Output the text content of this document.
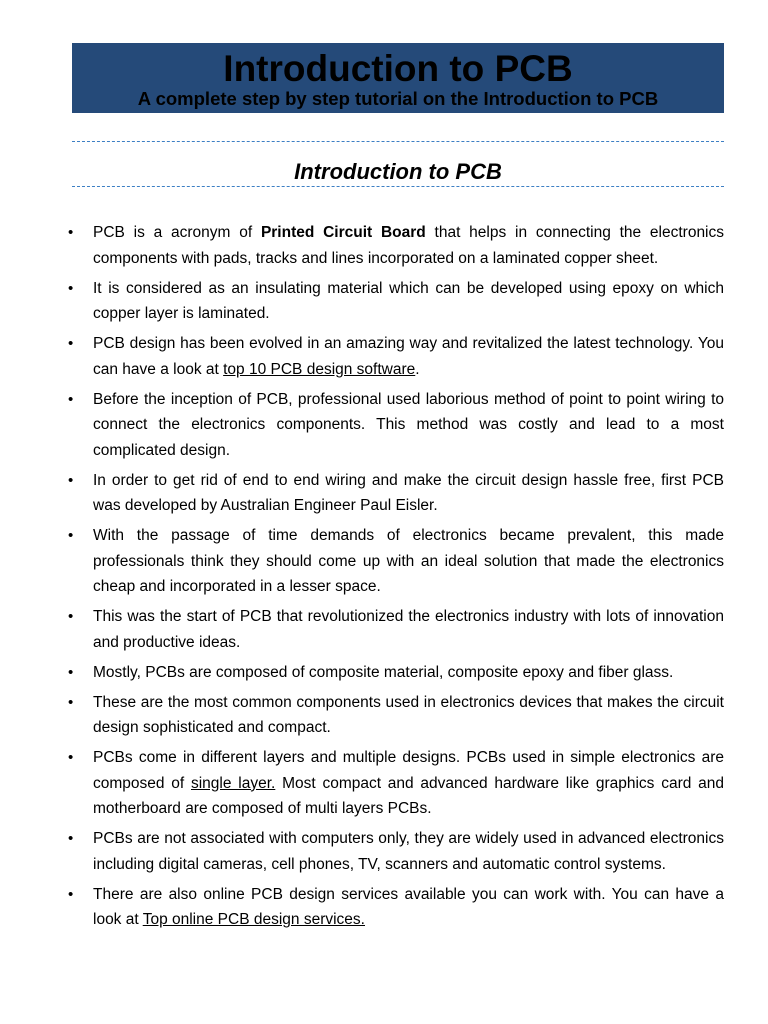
Introduction to PCB
A complete step by step tutorial on the Introduction to PCB
Introduction to PCB
• PCB is a acronym of Printed Circuit Board that helps in connecting the electronics components with pads, tracks and lines incorporated on a laminated copper sheet.
• It is considered as an insulating material which can be developed using epoxy on which copper layer is laminated.
• PCB design has been evolved in an amazing way and revitalized the latest technology. You can have a look at top 10 PCB design software.
• Before the inception of PCB, professional used laborious method of point to point wiring to connect the electronics components. This method was costly and lead to a most complicated design.
• In order to get rid of end to end wiring and make the circuit design hassle free, first PCB was developed by Australian Engineer Paul Eisler.
• With the passage of time demands of electronics became prevalent, this made professionals think they should come up with an ideal solution that made the electronics cheap and incorporated in a lesser space.
• This was the start of PCB that revolutionized the electronics industry with lots of innovation and productive ideas.
• Mostly, PCBs are composed of composite material, composite epoxy and fiber glass.
• These are the most common components used in electronics devices that makes the circuit design sophisticated and compact.
• PCBs come in different layers and multiple designs. PCBs used in simple electronics are composed of single layer. Most compact and advanced hardware like graphics card and motherboard are composed of multi layers PCBs.
• PCBs are not associated with computers only, they are widely used in advanced electronics including digital cameras, cell phones, TV, scanners and automatic control systems.
• There are also online PCB design services available you can work with. You can have a look at Top online PCB design services.
